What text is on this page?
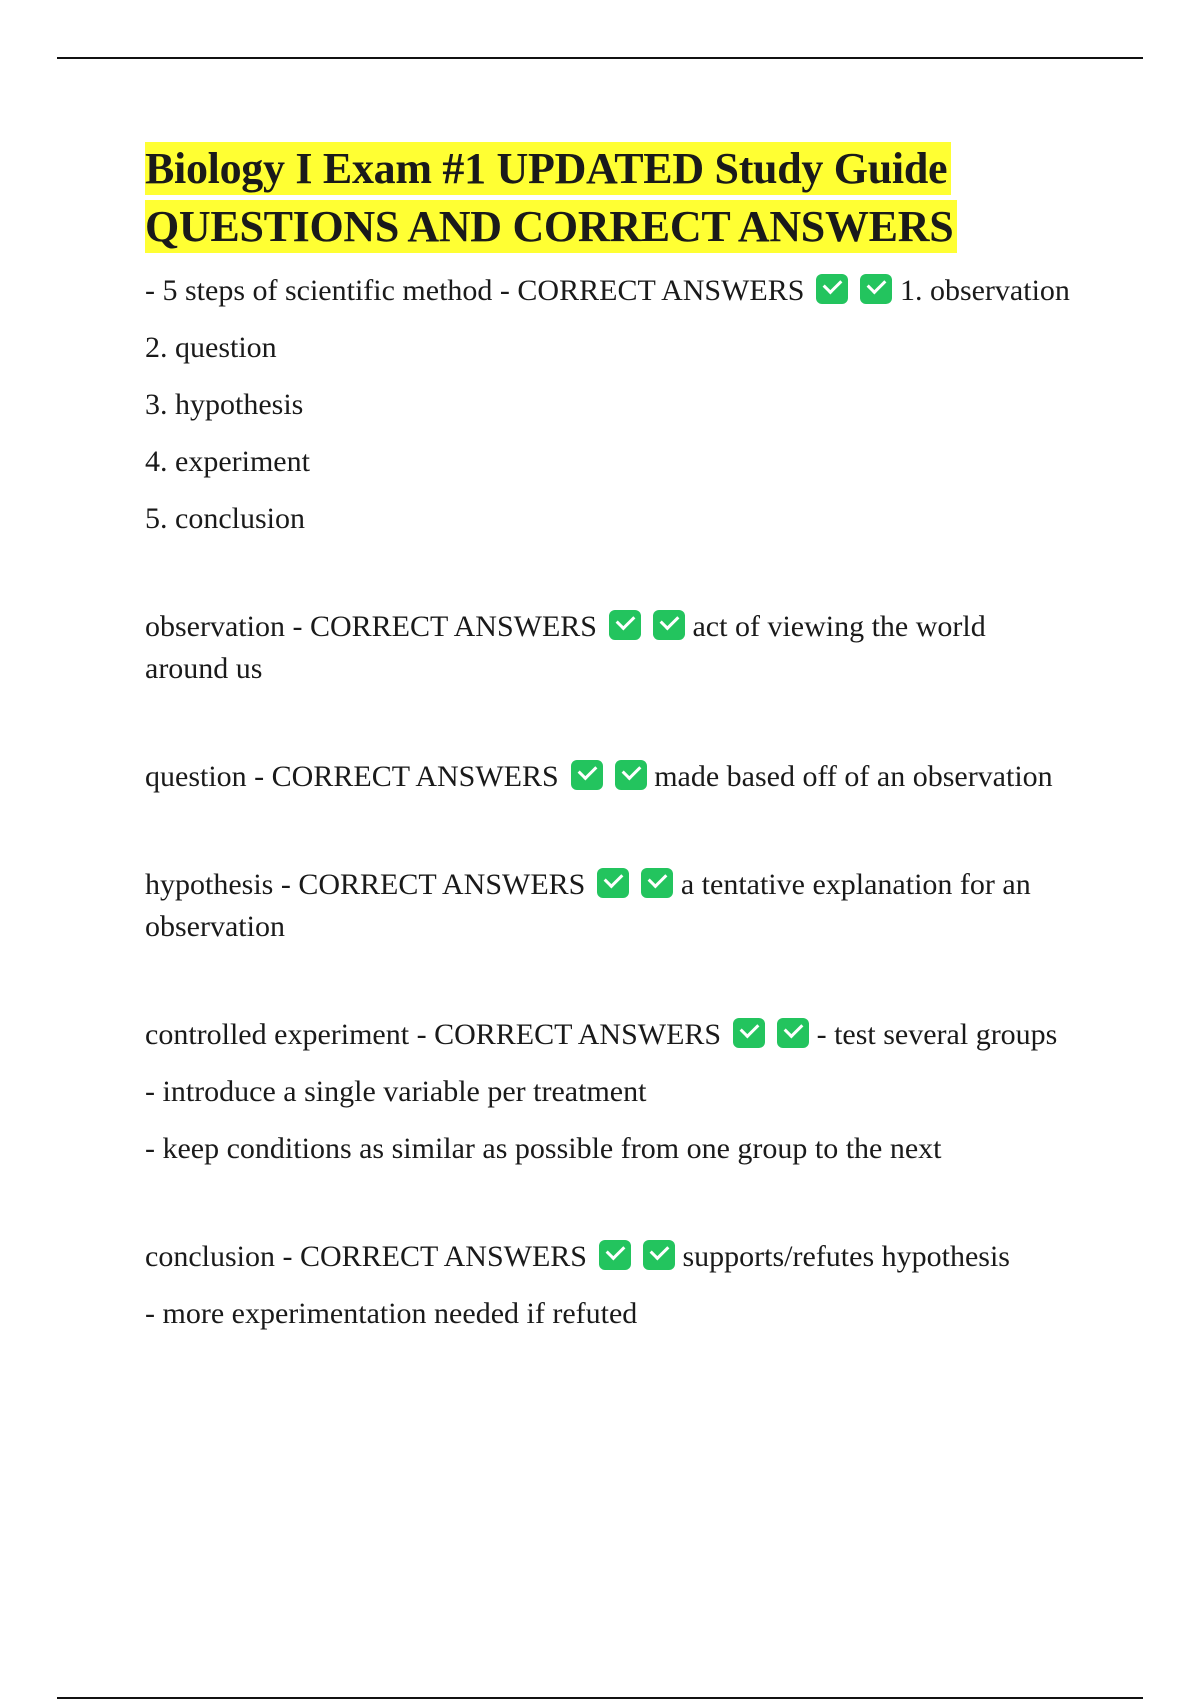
Biology I Exam #1 UPDATED Study Guide
QUESTIONS AND CORRECT ANSWERS

- 5 steps of scientific method - CORRECT ANSWERS	1. observation

2. question

3. hypothesis

4. experiment

5. conclusion

observation - CORRECT ANSWERS	act of viewing the world around us

question - CORRECT ANSWERS	made based off of an observation

hypothesis - CORRECT ANSWERS	a tentative explanation for an observation

controlled experiment - CORRECT ANSWERS	- test several groups

- introduce a single variable per treatment

- keep conditions as similar as possible from one group to the next

conclusion - CORRECT ANSWERS	supports/refutes hypothesis

- more experimentation needed if refuted
